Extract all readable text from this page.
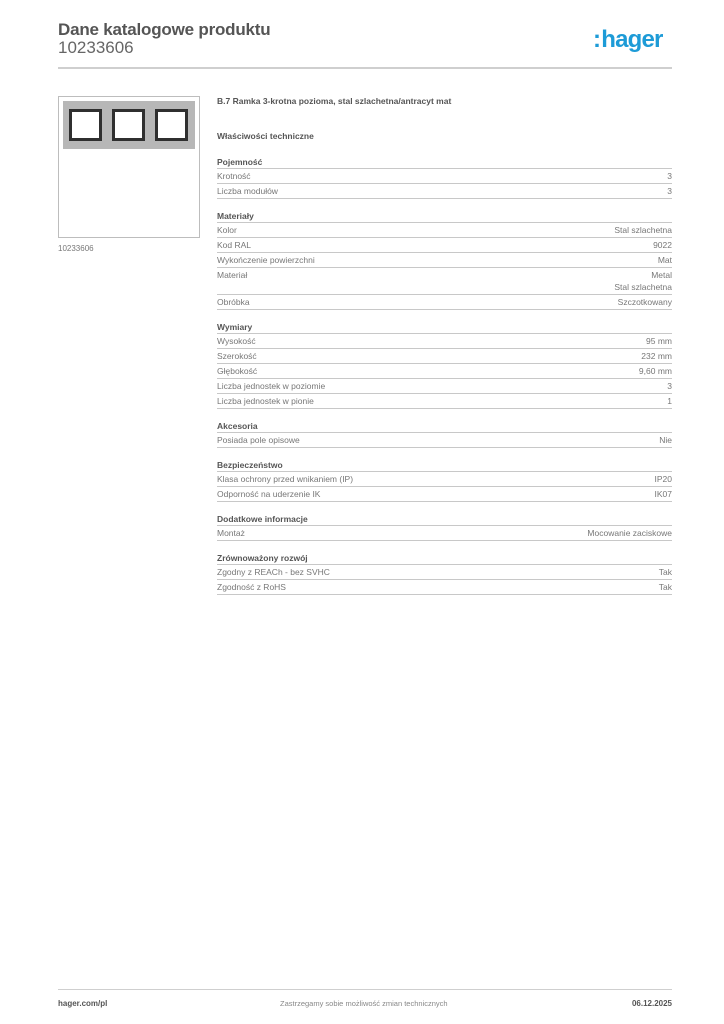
Dane katalogowe produktu
10233606	:hager
10233606
B.7 Ramka 3-krotna pozioma, stal szlachetna/antracyt mat
Właściwości techniczne
Pojemność
Krotność	3
Liczba modułów	3
Materiały
Kolor	Stal szlachetna
Kod RAL	9022
Wykończenie powierzchni	Mat
Materiał	Metal
Stal szlachetna
Obróbka	Szczotkowany
Wymiary
Wysokość	95 mm
Szerokość	232 mm
Głębokość	9,60 mm
Liczba jednostek w poziomie	3
Liczba jednostek w pionie	1
Akcesoria
Posiada pole opisowe	Nie
Bezpieczeństwo
Klasa ochrony przed wnikaniem (IP)	IP20
Odporność na uderzenie IK	IK07
Dodatkowe informacje
Montaż	Mocowanie zaciskowe
Zrównoważony rozwój
Zgodny z REACh - bez SVHC	Tak
Zgodność z RoHS	Tak
hager.com/pl	Zastrzegamy sobie możliwość zmian technicznych	06.12.2025
